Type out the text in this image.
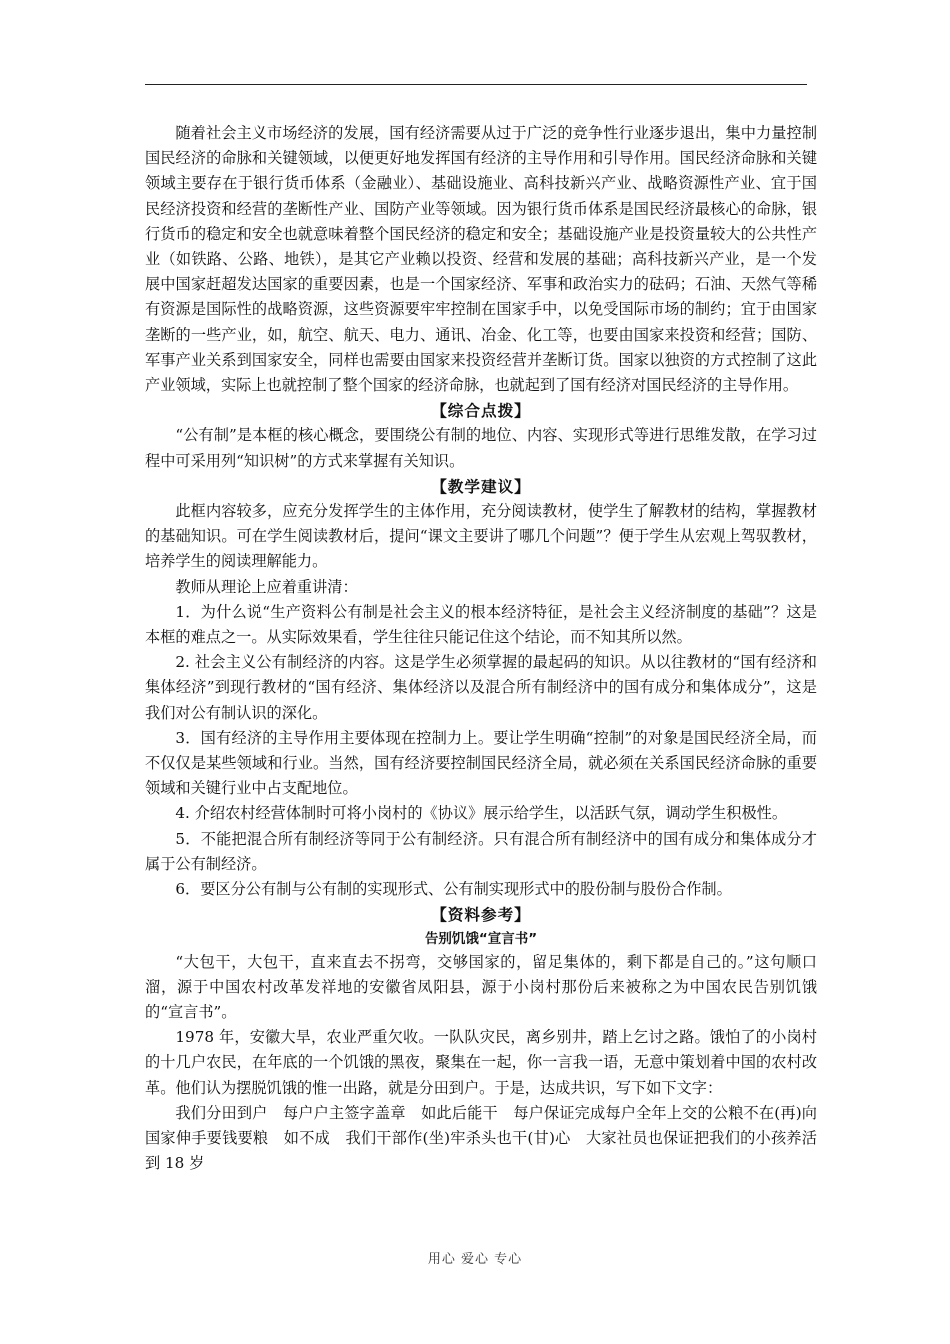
随着社会主义市场经济的发展，国有经济需要从过于广泛的竞争性行业逐步退出，集中力量控制国民经济的命脉和关键领域，以便更好地发挥国有经济的主导作用和引导作用。国民经济命脉和关键领域主要存在于银行货币体系（金融业）、基础设施业、高科技新兴产业、战略资源性产业、宜于国民经济投资和经营的垄断性产业、国防产业等领域。因为银行货币体系是国民经济最核心的命脉，银行货币的稳定和安全也就意味着整个国民经济的稳定和安全；基础设施产业是投资量较大的公共性产业（如铁路、公路、地铁），是其它产业赖以投资、经营和发展的基础；高科技新兴产业，是一个发展中国家赶超发达国家的重要因素，也是一个国家经济、军事和政治实力的砝码；石油、天然气等稀有资源是国际性的战略资源，这些资源要牢牢控制在国家手中，以免受国际市场的制约；宜于由国家垄断的一些产业，如，航空、航天、电力、通讯、冶金、化工等，也要由国家来投资和经营；国防、军事产业关系到国家安全，同样也需要由国家来投资经营并垄断订货。国家以独资的方式控制了这此产业领域，实际上也就控制了整个国家的经济命脉，也就起到了国有经济对国民经济的主导作用。

【综合点拨】

“公有制”是本框的核心概念，要围绕公有制的地位、内容、实现形式等进行思维发散，在学习过程中可采用列“知识树”的方式来掌握有关知识。

【教学建议】

此框内容较多，应充分发挥学生的主体作用，充分阅读教材，使学生了解教材的结构，掌握教材的基础知识。可在学生阅读教材后，提问“课文主要讲了哪几个问题”？便于学生从宏观上驾驭教材，培养学生的阅读理解能力。

教师从理论上应着重讲清：

1．为什么说“生产资料公有制是社会主义的根本经济特征，是社会主义经济制度的基础”？这是本框的难点之一。从实际效果看，学生往往只能记住这个结论，而不知其所以然。

2. 社会主义公有制经济的内容。这是学生必须掌握的最起码的知识。从以往教材的“国有经济和集体经济”到现行教材的“国有经济、集体经济以及混合所有制经济中的国有成分和集体成分”，这是我们对公有制认识的深化。

3．国有经济的主导作用主要体现在控制力上。要让学生明确“控制”的对象是国民经济全局，而不仅仅是某些领域和行业。当然，国有经济要控制国民经济全局，就必须在关系国民经济命脉的重要领域和关键行业中占支配地位。

4. 介绍农村经营体制时可将小岗村的《协议》展示给学生，以活跃气氛，调动学生积极性。

5．不能把混合所有制经济等同于公有制经济。只有混合所有制经济中的国有成分和集体成分才属于公有制经济。

6．要区分公有制与公有制的实现形式、公有制实现形式中的股份制与股份合作制。

【资料参考】
告别饥饿“宣言书”

“大包干，大包干，直来直去不拐弯，交够国家的，留足集体的，剩下都是自己的。”这句顺口溜，源于中国农村改革发祥地的安徽省凤阳县，源于小岗村那份后来被称之为中国农民告别饥饿的“宣言书”。

1978 年，安徽大旱，农业严重欠收。一队队灾民，离乡别井，踏上乞讨之路。饿怕了的小岗村的十几户农民，在年底的一个饥饿的黑夜，聚集在一起，你一言我一语，无意中策划着中国的农村改革。他们认为摆脱饥饿的惟一出路，就是分田到户。于是，达成共识，写下如下文字：

我们分田到户　每户户主签字盖章　如此后能干　每户保证完成每户全年上交的公粮不在(再)向国家伸手要钱要粮　如不成　我们干部作(坐)牢杀头也干(甘)心　大家社员也保证把我们的小孩养活到 18 岁

用心 爱心 专心
